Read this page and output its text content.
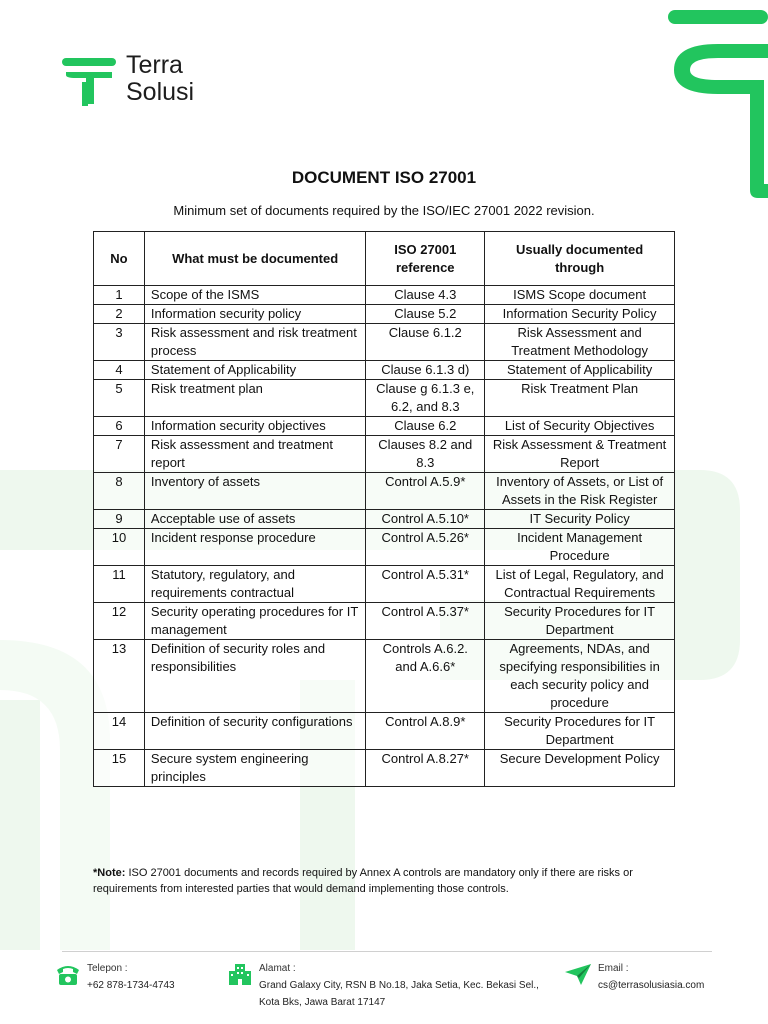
Terra
Solusi
DOCUMENT ISO 27001
Minimum set of documents required by the ISO/IEC 27001 2022 revision.
No	What must be documented	ISO 27001 reference	Usually documented through
1	Scope of the ISMS	Clause 4.3	ISMS Scope document
2	Information security policy	Clause 5.2	Information Security Policy
3	Risk assessment and risk treatment process	Clause 6.1.2	Risk Assessment and Treatment Methodology
4	Statement of Applicability	Clause 6.1.3 d)	Statement of Applicability
5	Risk treatment plan	Clause g 6.1.3 e, 6.2, and 8.3	Risk Treatment Plan
6	Information security objectives	Clause 6.2	List of Security Objectives
7	Risk assessment and treatment report	Clauses 8.2 and 8.3	Risk Assessment & Treatment Report
8	Inventory of assets	Control A.5.9*	Inventory of Assets, or List of Assets in the Risk Register
9	Acceptable use of assets	Control A.5.10*	IT Security Policy
10	Incident response procedure	Control A.5.26*	Incident Management Procedure
11	Statutory, regulatory, and requirements contractual	Control A.5.31*	List of Legal, Regulatory, and Contractual Requirements
12	Security operating procedures for IT management	Control A.5.37*	Security Procedures for IT Department
13	Definition of security roles and responsibilities	Controls A.6.2. and A.6.6*	Agreements, NDAs, and specifying responsibilities in each security policy and procedure
14	Definition of security configurations	Control A.8.9*	Security Procedures for IT Department
15	Secure system engineering principles	Control A.8.27*	Secure Development Policy
*Note: ISO 27001 documents and records required by Annex A controls are mandatory only if there are risks or requirements from interested parties that would demand implementing those controls.
Telepon :
+62 878-1734-4743
Alamat :
Grand Galaxy City, RSN B No.18, Jaka Setia, Kec. Bekasi Sel.,
Kota Bks, Jawa Barat 17147
Email :
cs@terrasolusiasia.com
